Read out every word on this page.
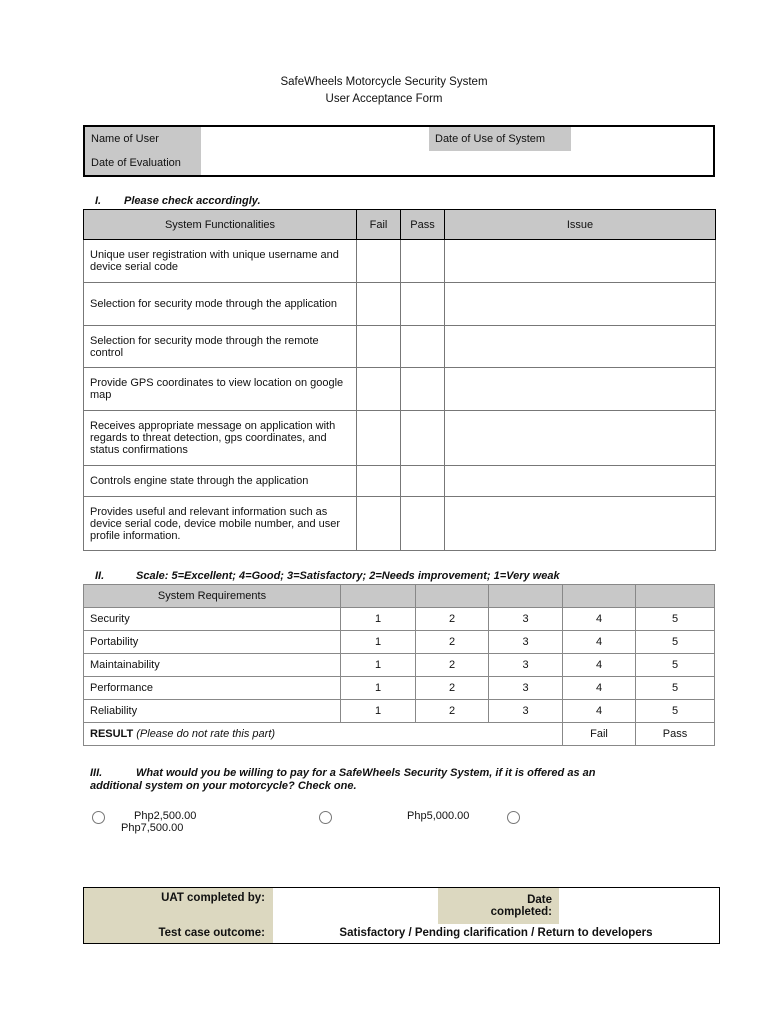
SafeWheels Motorcycle Security System
User Acceptance Form
Name of User		Date of Use of System	
Date of Evaluation			
I. Please check accordingly.
System Functionalities	Fail	Pass	Issue
Unique user registration with unique username and device serial code			
Selection for security mode through the application			
Selection for security mode through the remote control			
Provide GPS coordinates to view location on google map			
Receives appropriate message on application with regards to threat detection, gps coordinates, and status confirmations			
Controls engine state through the application			
Provides useful and relevant information such as device serial code, device mobile number, and user profile information.			
II.	Scale: 5=Excellent; 4=Good; 3=Satisfactory; 2=Needs improvement; 1=Very weak
System Requirements					
Security	1	2	3	4	5
Portability	1	2	3	4	5
Maintainability	1	2	3	4	5
Performance	1	2	3	4	5
Reliability	1	2	3	4	5
RESULT (Please do not rate this part)				Fail	Pass
III.	What would you be willing to pay for a SafeWheels Security System, if it is offered as an
additional system on your motorcycle? Check one.
Php2,500.00	Php5,000.00
Php7,500.00
UAT completed by:		Date
completed:	

Test case outcome:	Satisfactory / Pending clarification / Return to developers		
